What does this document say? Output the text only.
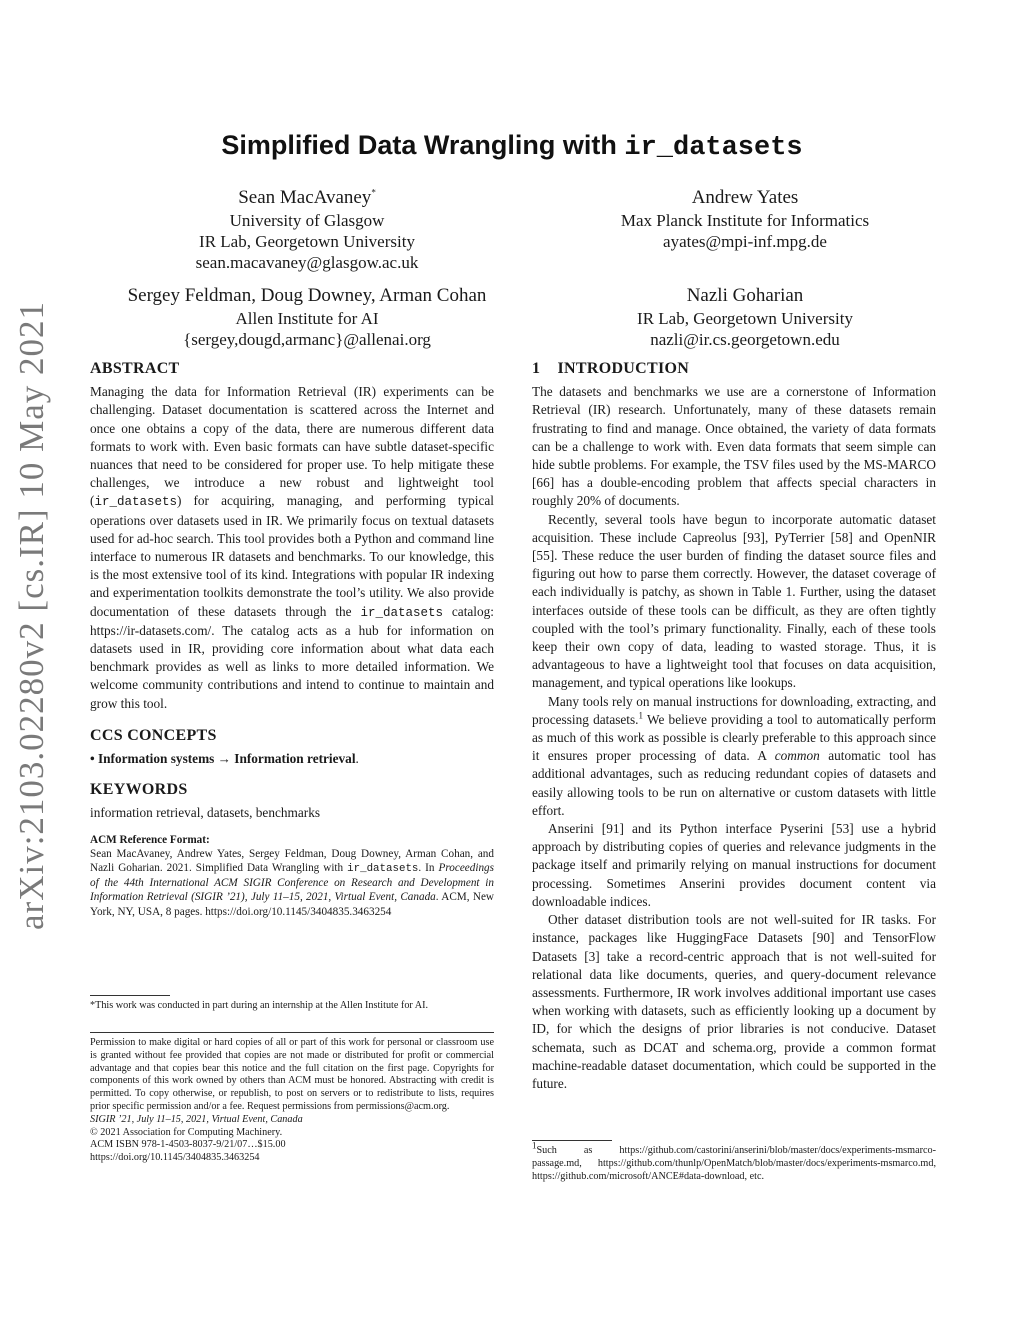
arXiv:2103.02280v2 [cs.IR] 10 May 2021
Simplified Data Wrangling with ir_datasets
Sean MacAvaney*
University of Glasgow
IR Lab, Georgetown University
sean.macavaney@glasgow.ac.uk
Andrew Yates
Max Planck Institute for Informatics
ayates@mpi-inf.mpg.de
Sergey Feldman, Doug Downey, Arman Cohan
Allen Institute for AI
{sergey,dougd,armanc}@allenai.org
Nazli Goharian
IR Lab, Georgetown University
nazli@ir.cs.georgetown.edu
ABSTRACT

Managing the data for Information Retrieval (IR) experiments can be challenging. Dataset documentation is scattered across the Internet and once one obtains a copy of the data, there are numerous different data formats to work with. Even basic formats can have subtle dataset-specific nuances that need to be considered for proper use. To help mitigate these challenges, we introduce a new robust and lightweight tool (ir_datasets) for acquiring, managing, and performing typical operations over datasets used in IR. We primarily focus on textual datasets used for ad-hoc search. This tool provides both a Python and command line interface to numerous IR datasets and benchmarks. To our knowledge, this is the most extensive tool of its kind. Integrations with popular IR indexing and experimentation toolkits demonstrate the tool’s utility. We also provide documentation of these datasets through the ir_datasets catalog: https://ir-datasets.com/. The catalog acts as a hub for information on datasets used in IR, providing core information about what data each benchmark provides as well as links to more detailed information. We welcome community contributions and intend to continue to maintain and grow this tool.

CCS CONCEPTS

• Information systems → Information retrieval.

KEYWORDS

information retrieval, datasets, benchmarks

ACM Reference Format:

Sean MacAvaney, Andrew Yates, Sergey Feldman, Doug Downey, Arman Cohan, and Nazli Goharian. 2021. Simplified Data Wrangling with ir_datasets. In Proceedings of the 44th International ACM SIGIR Conference on Research and Development in Information Retrieval (SIGIR ’21), July 11–15, 2021, Virtual Event, Canada. ACM, New York, NY, USA, 8 pages. https://doi.org/10.1145/3404835.3463254

*This work was conducted in part during an internship at the Allen Institute for AI.
Permission to make digital or hard copies of all or part of this work for personal or classroom use is granted without fee provided that copies are not made or distributed for profit or commercial advantage and that copies bear this notice and the full citation on the first page. Copyrights for components of this work owned by others than ACM must be honored. Abstracting with credit is permitted. To copy otherwise, or republish, to post on servers or to redistribute to lists, requires prior specific permission and/or a fee. Request permissions from permissions@acm.org.
SIGIR ’21, July 11–15, 2021, Virtual Event, Canada
© 2021 Association for Computing Machinery.
ACM ISBN 978-1-4503-8037-9/21/07…$15.00
https://doi.org/10.1145/3404835.3463254
1    INTRODUCTION

The datasets and benchmarks we use are a cornerstone of Information Retrieval (IR) research. Unfortunately, many of these datasets remain frustrating to find and manage. Once obtained, the variety of data formats can be a challenge to work with. Even data formats that seem simple can hide subtle problems. For example, the TSV files used by the MS-MARCO [66] has a double-encoding problem that affects special characters in roughly 20% of documents.

Recently, several tools have begun to incorporate automatic dataset acquisition. These include Capreolus [93], PyTerrier [58] and OpenNIR [55]. These reduce the user burden of finding the dataset source files and figuring out how to parse them correctly. However, the dataset coverage of each individually is patchy, as shown in Table 1. Further, using the dataset interfaces outside of these tools can be difficult, as they are often tightly coupled with the tool’s primary functionality. Finally, each of these tools keep their own copy of data, leading to wasted storage. Thus, it is advantageous to have a lightweight tool that focuses on data acquisition, management, and typical operations like lookups.

Many tools rely on manual instructions for downloading, extracting, and processing datasets.$^1$ We believe providing a tool to automatically perform as much of this work as possible is clearly preferable to this approach since it ensures proper processing of data. A common automatic tool has additional advantages, such as reducing redundant copies of datasets and easily allowing tools to be run on alternative or custom datasets with little effort.

Anserini [91] and its Python interface Pyserini [53] use a hybrid approach by distributing copies of queries and relevance judgments in the package itself and primarily relying on manual instructions for document processing. Sometimes Anserini provides document content via downloadable indices.

Other dataset distribution tools are not well-suited for IR tasks. For instance, packages like HuggingFace Datasets [90] and TensorFlow Datasets [3] take a record-centric approach that is not well-suited for relational data like documents, queries, and query-document relevance assessments. Furthermore, IR work involves additional important use cases when working with datasets, such as efficiently looking up a document by ID, for which the designs of prior libraries is not conducive. Dataset schemata, such as DCAT and schema.org, provide a common format machine-readable dataset documentation, which could be supported in the future.

$^1$Such as https://github.com/castorini/anserini/blob/master/docs/experiments-msmarco-passage.md, https://github.com/thunlp/OpenMatch/blob/master/docs/experiments-msmarco.md, https://github.com/microsoft/ANCE#data-download, etc.
